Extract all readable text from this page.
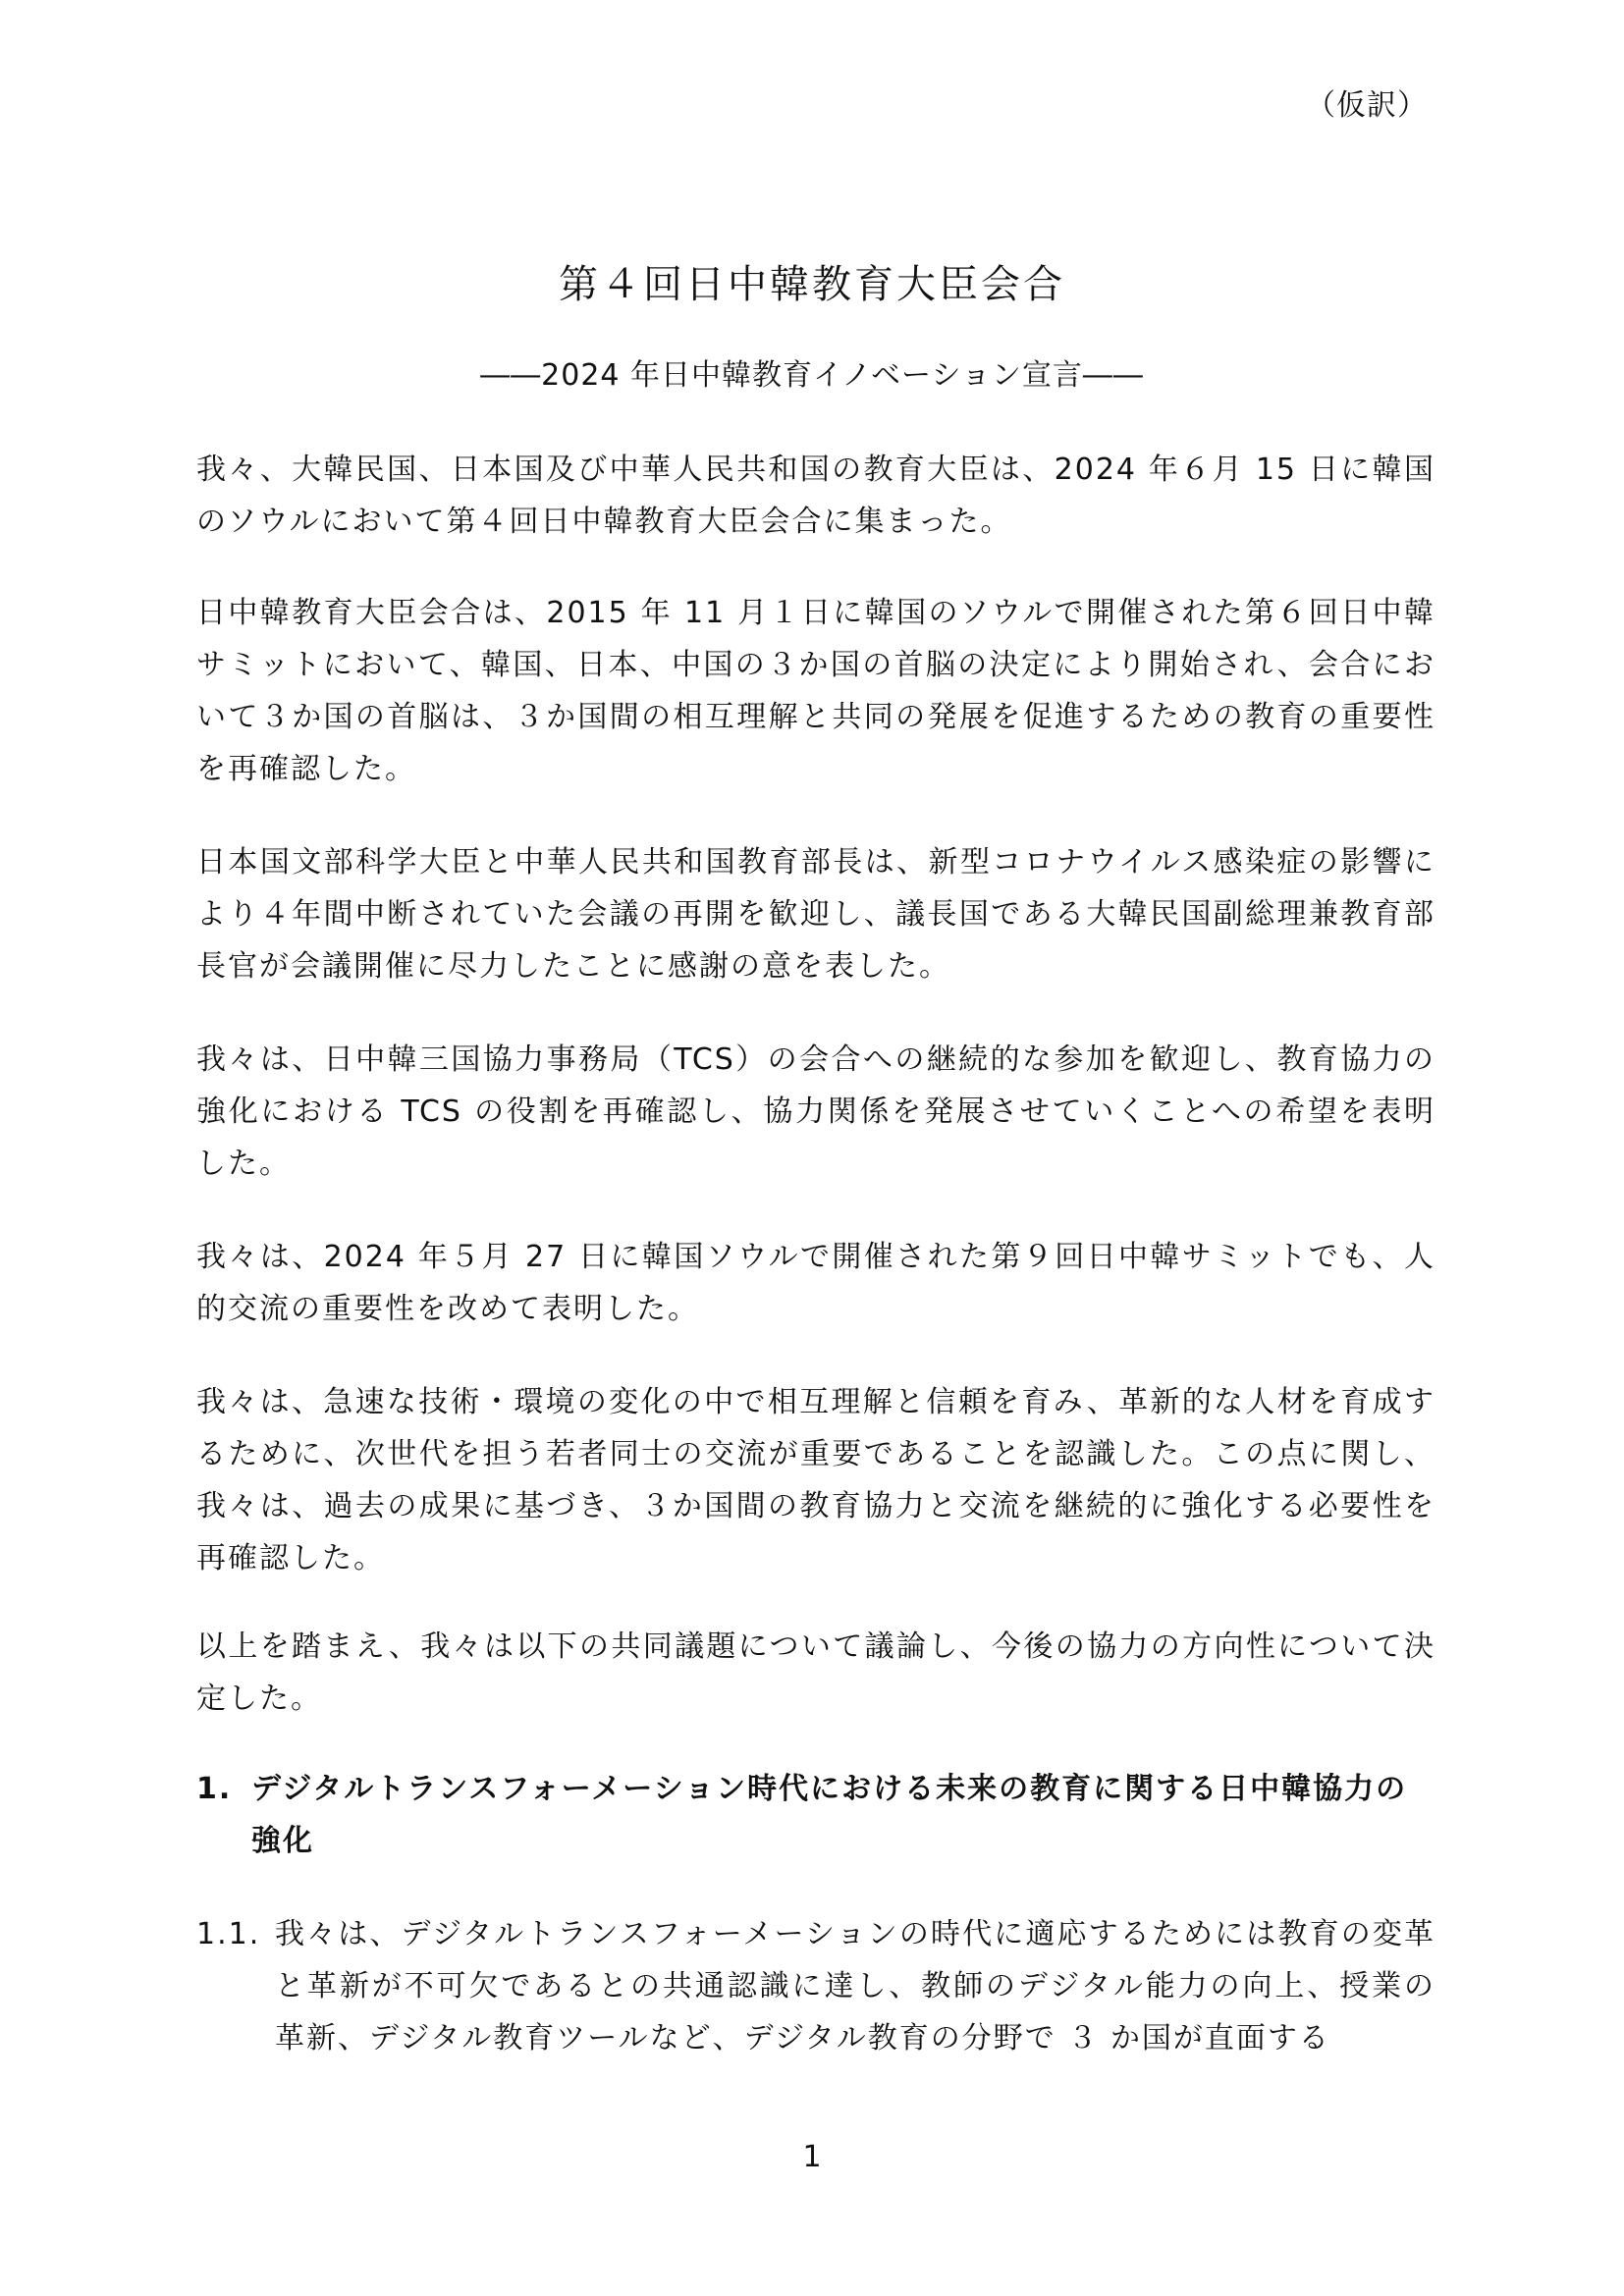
（仮訳）
第４回日中韓教育大臣会合
――2024 年日中韓教育イノベーション宣言――

我々、大韓民国、日本国及び中華人民共和国の教育大臣は、2024 年６月 15 日に韓国のソウルにおいて第４回日中韓教育大臣会合に集まった。

日中韓教育大臣会合は、2015 年 11 月１日に韓国のソウルで開催された第６回日中韓サミットにおいて、韓国、日本、中国の３か国の首脳の決定により開始され、会合において３か国の首脳は、３か国間の相互理解と共同の発展を促進するための教育の重要性を再確認した。

日本国文部科学大臣と中華人民共和国教育部長は、新型コロナウイルス感染症の影響により４年間中断されていた会議の再開を歓迎し、議長国である大韓民国副総理兼教育部長官が会議開催に尽力したことに感謝の意を表した。

我々は、日中韓三国協力事務局（TCS）の会合への継続的な参加を歓迎し、教育協力の強化における TCS の役割を再確認し、協力関係を発展させていくことへの希望を表明した。

我々は、2024 年５月 27 日に韓国ソウルで開催された第９回日中韓サミットでも、人的交流の重要性を改めて表明した。

我々は、急速な技術・環境の変化の中で相互理解と信頼を育み、革新的な人材を育成するために、次世代を担う若者同士の交流が重要であることを認識した。この点に関し、我々は、過去の成果に基づき、３か国間の教育協力と交流を継続的に強化する必要性を再確認した。

以上を踏まえ、我々は以下の共同議題について議論し、今後の協力の方向性について決定した。

1. デジタルトランスフォーメーション時代における未来の教育に関する日中韓協力の強化
1.1. 我々は、デジタルトランスフォーメーションの時代に適応するためには教育の変革と革新が不可欠であるとの共通認識に達し、教師のデジタル能力の向上、授業の革新、デジタル教育ツールなど、デジタル教育の分野で ３ か国が直面する
1
